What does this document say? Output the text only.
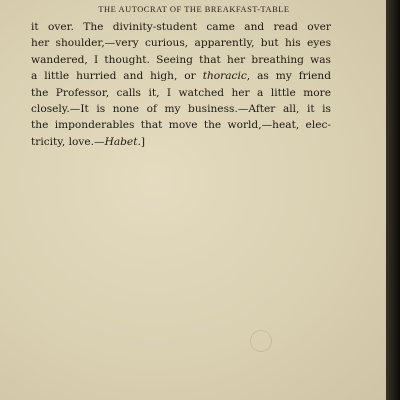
THE AUTOCRAT OF THE BREAKFAST-TABLE
it over. The divinity-student came and read over
her shoulder,—very curious, apparently, but his eyes
wandered, I thought. Seeing that her breathing was
a little hurried and high, or thoracic, as my friend
the Professor, calls it, I watched her a little more
closely.—It is none of my business.—After all, it is
the imponderables that move the world,—heat, elec-
tricity, love.—Habet.]
